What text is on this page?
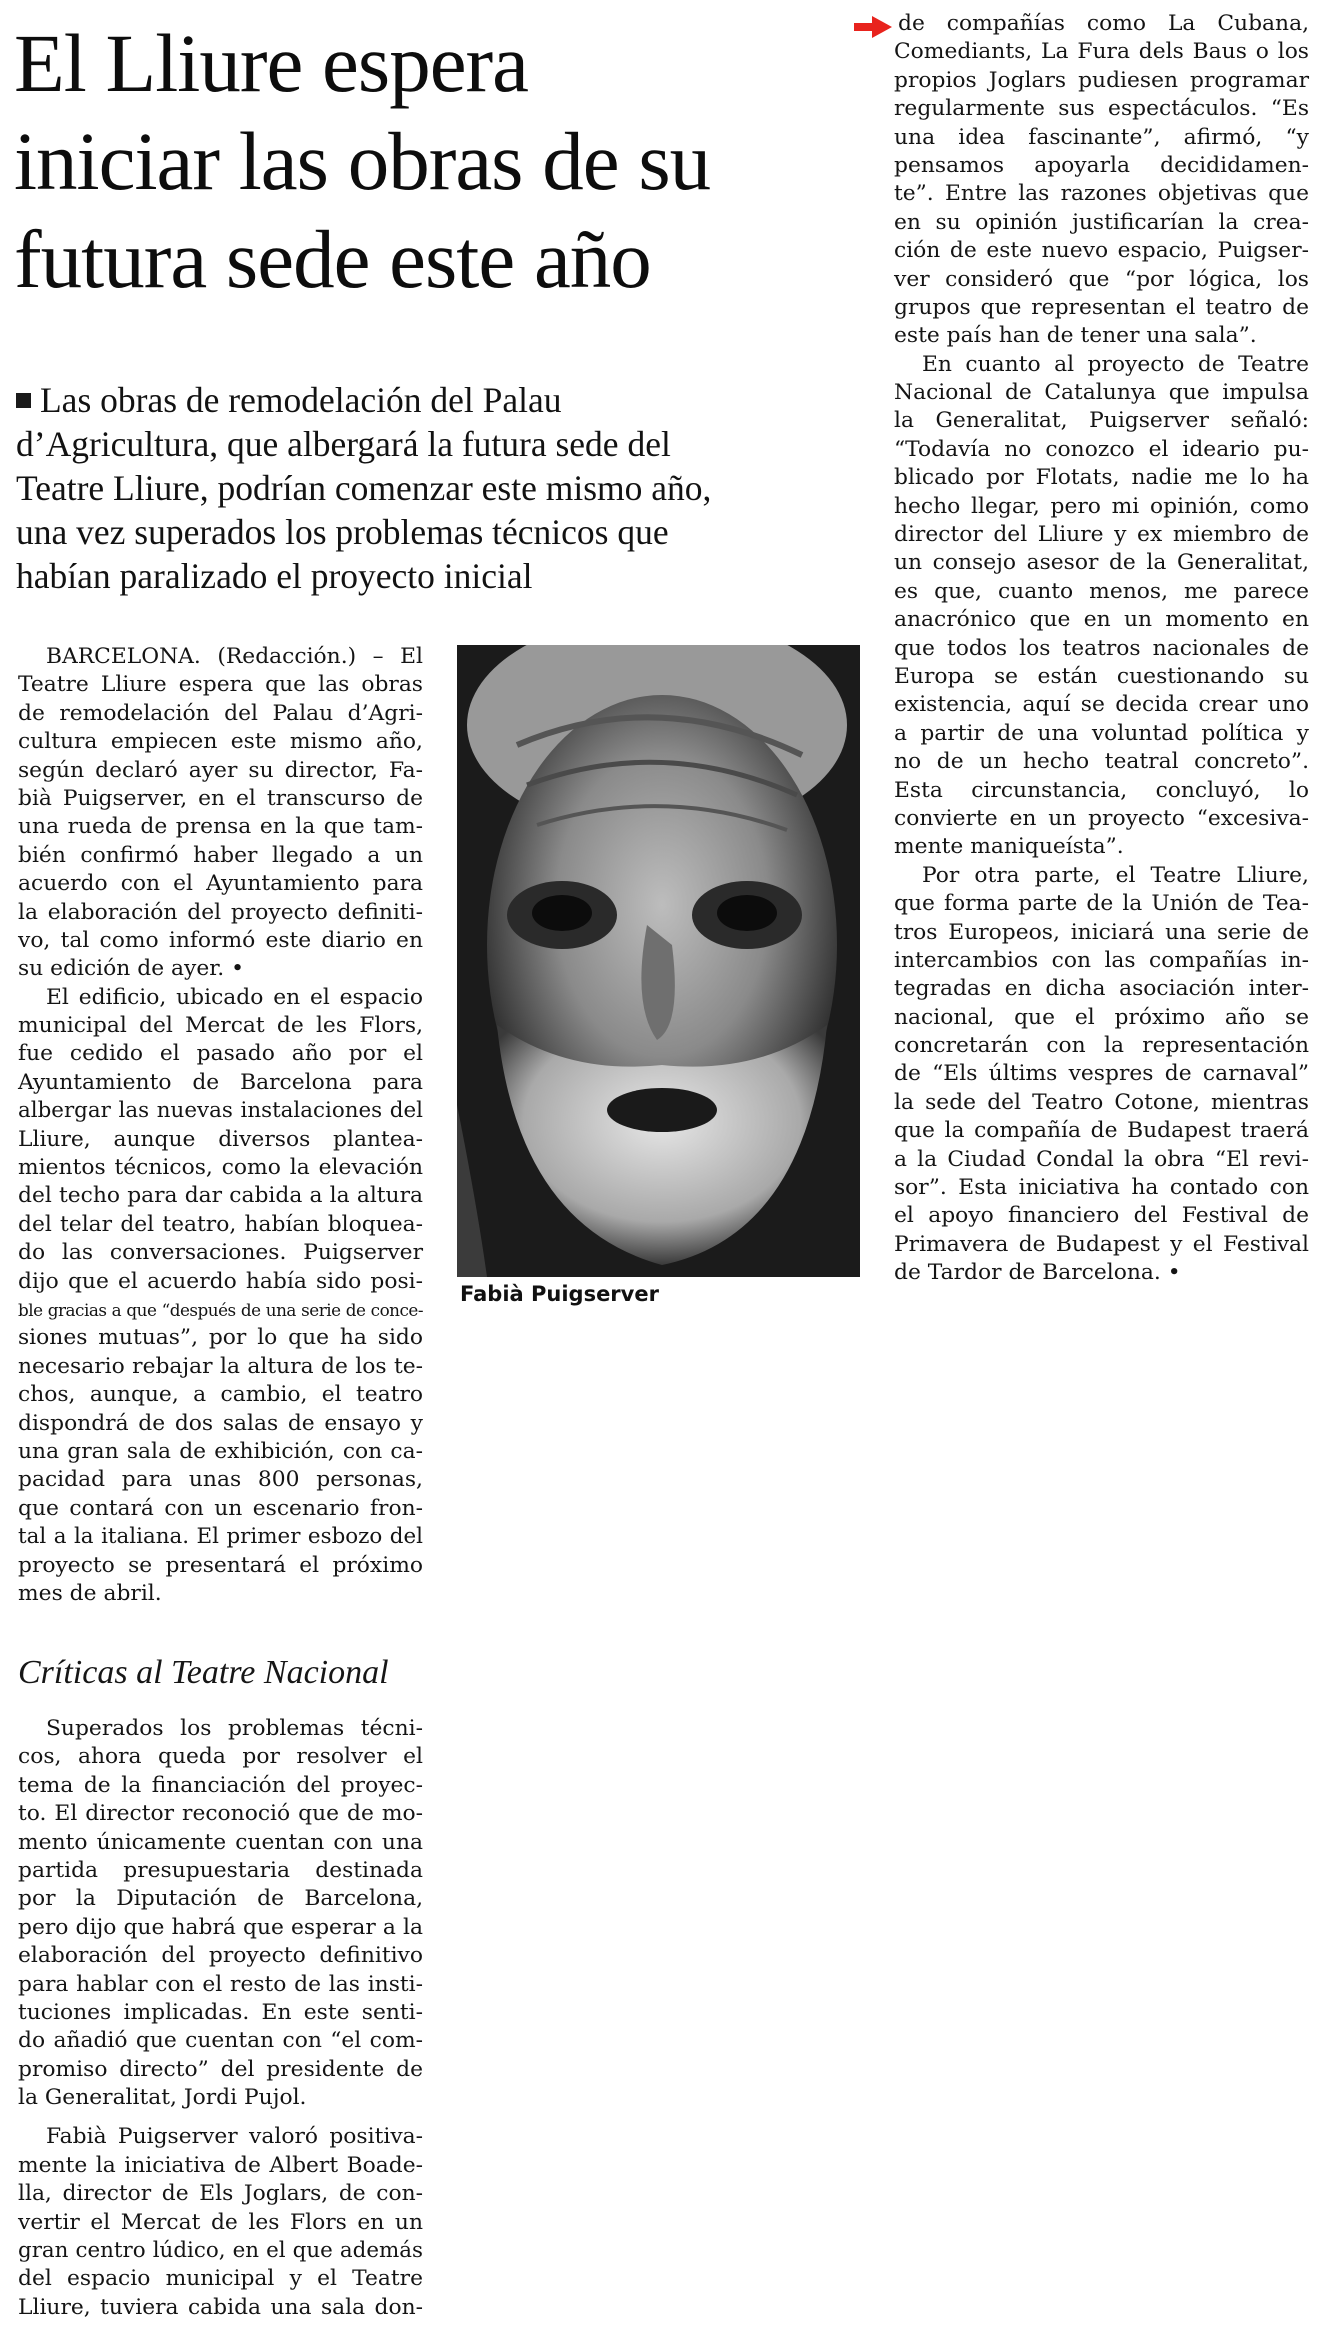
El Lliure espera
iniciar las obras de su
futura sede este año
Las obras de remodelación del Palau
d’Agricultura, que albergará la futura sede del
Teatre Lliure, podrían comenzar este mismo año,
una vez superados los problemas técnicos que
habían paralizado el proyecto inicial
BARCELONA. (Redacción.) – El
Teatre Lliure espera que las obras
de remodelación del Palau d’Agri-
cultura empiecen este mismo año,
según declaró ayer su director, Fa-
bià Puigserver, en el transcurso de
una rueda de prensa en la que tam-
bién confirmó haber llegado a un
acuerdo con el Ayuntamiento para
la elaboración del proyecto definiti-
vo, tal como informó este diario en
su edición de ayer. •
El edificio, ubicado en el espacio
municipal del Mercat de les Flors,
fue cedido el pasado año por el
Ayuntamiento de Barcelona para
albergar las nuevas instalaciones del
Lliure, aunque diversos plantea-
mientos técnicos, como la elevación
del techo para dar cabida a la altura
del telar del teatro, habían bloquea-
do las conversaciones. Puigserver
dijo que el acuerdo había sido posi-
ble gracias a que “después de una serie de conce-
siones mutuas”, por lo que ha sido
necesario rebajar la altura de los te-
chos, aunque, a cambio, el teatro
dispondrá de dos salas de ensayo y
una gran sala de exhibición, con ca-
pacidad para unas 800 personas,
que contará con un escenario fron-
tal a la italiana. El primer esbozo del
proyecto se presentará el próximo
mes de abril.
Críticas al Teatre Nacional
Superados los problemas técni-
cos, ahora queda por resolver el
tema de la financiación del proyec-
to. El director reconoció que de mo-
mento únicamente cuentan con una
partida presupuestaria destinada
por la Diputación de Barcelona,
pero dijo que habrá que esperar a la
elaboración del proyecto definitivo
para hablar con el resto de las insti-
tuciones implicadas. En este senti-
do añadió que cuentan con “el com-
promiso directo” del presidente de
la Generalitat, Jordi Pujol.
Fabià Puigserver valoró positiva-
mente la iniciativa de Albert Boade-
lla, director de Els Joglars, de con-
vertir el Mercat de les Flors en un
gran centro lúdico, en el que además
del espacio municipal y el Teatre
Lliure, tuviera cabida una sala don-
Fabià Puigserver
de compañías como La Cubana,
Comediants, La Fura dels Baus o los
propios Joglars pudiesen programar
regularmente sus espectáculos. “Es
una idea fascinante”, afirmó, “y
pensamos apoyarla decididamen-
te”. Entre las razones objetivas que
en su opinión justificarían la crea-
ción de este nuevo espacio, Puigser-
ver consideró que “por lógica, los
grupos que representan el teatro de
este país han de tener una sala”.
En cuanto al proyecto de Teatre
Nacional de Catalunya que impulsa
la Generalitat, Puigserver señaló:
“Todavía no conozco el ideario pu-
blicado por Flotats, nadie me lo ha
hecho llegar, pero mi opinión, como
director del Lliure y ex miembro de
un consejo asesor de la Generalitat,
es que, cuanto menos, me parece
anacrónico que en un momento en
que todos los teatros nacionales de
Europa se están cuestionando su
existencia, aquí se decida crear uno
a partir de una voluntad política y
no de un hecho teatral concreto”.
Esta circunstancia, concluyó, lo
convierte en un proyecto “excesiva-
mente maniqueísta”.
Por otra parte, el Teatre Lliure,
que forma parte de la Unión de Tea-
tros Europeos, iniciará una serie de
intercambios con las compañías in-
tegradas en dicha asociación inter-
nacional, que el próximo año se
concretarán con la representación
de “Els últims vespres de carnaval”
la sede del Teatro Cotone, mientras
que la compañía de Budapest traerá
a la Ciudad Condal la obra “El revi-
sor”. Esta iniciativa ha contado con
el apoyo financiero del Festival de
Primavera de Budapest y el Festival
de Tardor de Barcelona. •
